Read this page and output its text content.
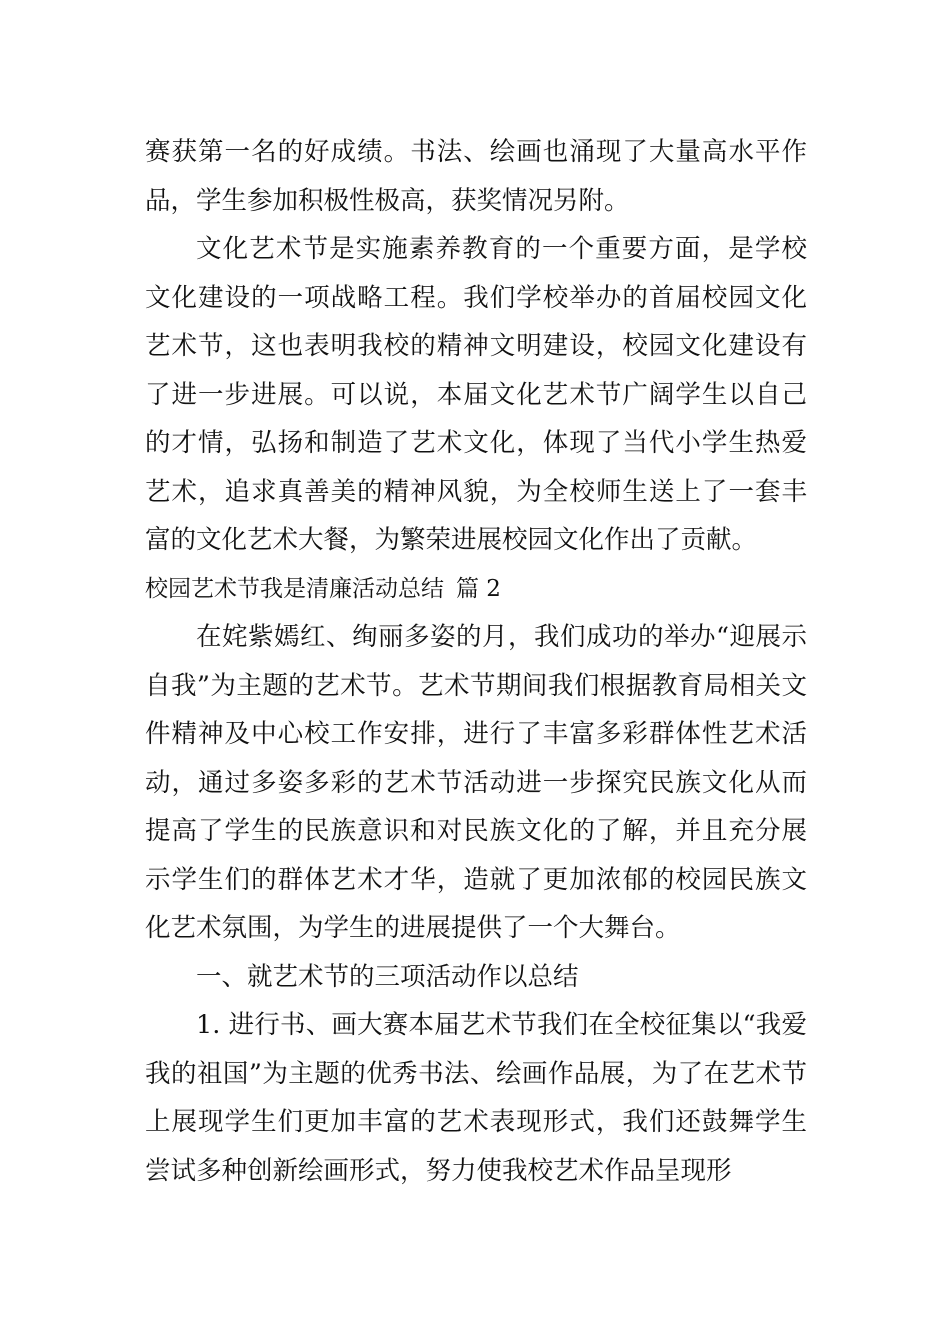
赛获第一名的好成绩。书法、绘画也涌现了大量高水平作品，学生参加积极性极高，获奖情况另附。

文化艺术节是实施素养教育的一个重要方面，是学校文化建设的一项战略工程。我们学校举办的首届校园文化艺术节，这也表明我校的精神文明建设，校园文化建设有了进一步进展。可以说，本届文化艺术节广阔学生以自己的才情，弘扬和制造了艺术文化，体现了当代小学生热爱艺术，追求真善美的精神风貌，为全校师生送上了一套丰富的文化艺术大餐，为繁荣进展校园文化作出了贡献。

校园艺术节我是清廉活动总结 篇 2

在姹紫嫣红、绚丽多姿的月，我们成功的举办“迎展示自我”为主题的艺术节。艺术节期间我们根据教育局相关文件精神及中心校工作安排，进行了丰富多彩群体性艺术活动，通过多姿多彩的艺术节活动进一步探究民族文化从而提高了学生的民族意识和对民族文化的了解，并且充分展示学生们的群体艺术才华，造就了更加浓郁的校园民族文化艺术氛围，为学生的进展提供了一个大舞台。

一、就艺术节的三项活动作以总结

1. 进行书、画大赛本届艺术节我们在全校征集以“我爱我的祖国”为主题的优秀书法、绘画作品展，为了在艺术节上展现学生们更加丰富的艺术表现形式，我们还鼓舞学生尝试多种创新绘画形式，努力使我校艺术作品呈现形
